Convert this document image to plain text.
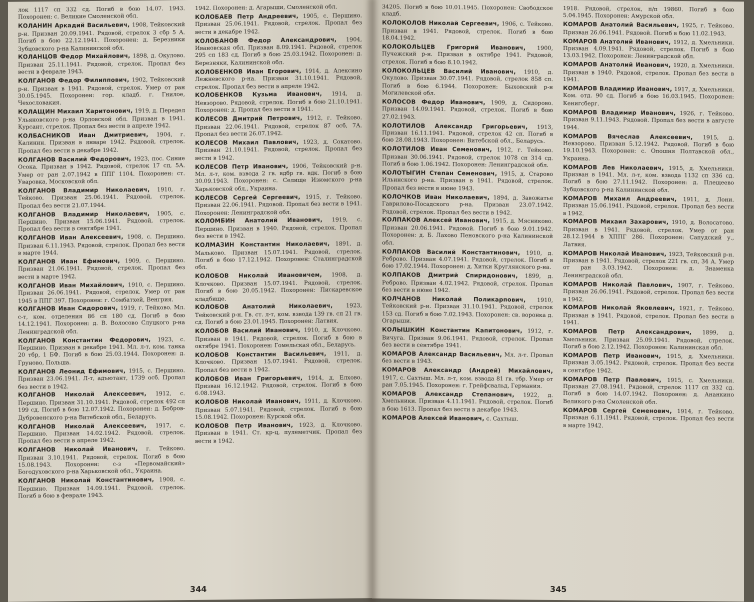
лок 1117 сп 332 сд. Погиб в бою 14.07. 1943. Похоронен: с. Великие Смоленской обл.

КОЛАНИН Аркадий Васильевич, 1908, Тейковский р-н. Призван 20.09.1941. Рядовой, стрелок 3 сбр 5 А. Погиб в бою 22.12.1941. Похоронен: д. Березники Зубцовского р-на Калининской обл.

КОЛАНЦОВ Федор Михайлович, 1898, д. Окулово. Призван 25.11.1941. Рядовой, стрелок. Пропал без вести в феврале 1943.

КОЛГАНОВ Федор Филиппович, 1902, Тейковский р-н. Призван в 1941. Рядовой, стрелок. Умер от ран 30.05.1945. Похоронен: гор. кладб. г. Гнилое, Чехословакия.

КОЛАЩИН Михаил Харитонович, 1919, д. Передел Ульяновского р-на Орловской обл. Призван в 1941. Курсант, стрелок. Пропал без вести в апреле 1942.

КОЛБАСНИКОВ Иван Дмитриевич, 1904, г. Калинин. Призван в январе 1942. Рядовой, стрелок. Пропал без вести в декабре 1942.

КОЛГАНОВ Василий Федорович, 1923, пос. Синие Осока. Призван в 1942. Рядовой, стрелок 17 сп, 5А. Умер от ран 2.07.1942 в ППГ 1104. Похоронен: ст. Уваровка, Московской обл.

КОЛГАНОВ Владимир Николаевич, 1910, г. Тейково. Призван 25.06.1941. Рядовой, стрелок. Пропал без вести 21.07.1944.

КОЛГАНОВ Владимир Николаевич, 1905, с. Першино. Призван 15.06.1941. Рядовой, стрелок. Пропал без вести в сентябре 1941.

КОЛГАНОВ Иван Алексеевич, 1908, с. Першино. Призван 6.11.1943. Рядовой, стрелок. Пропал без вести в марте 1944.

КОЛГАНОВ Иван Ефимович, 1909, с. Першино. Призван 21.06.1941. Рядовой, стрелок. Пропал без вести в марте 1942.

КОЛГАНОВ Иван Михайлович, 1910, с. Першино. Призван 26.06.1941. Рядовой, стрелок. Умер от ран 1945 в ППГ 397. Похоронен: г. Сомбатхей, Венгрия.

КОЛГАНОВ Иван Сидорович, 1919, г. Тейково. Мл. с-т, ком. отделения 86 сп 180 сд. Погиб в бою 14.12.1941. Похоронен: д. В. Волосово Слуцкого р-на Ленинградской обл.

КОЛГАНОВ Константин Федорович, 1923, с. Першино. Призван в декабре 1941. Мл. л-т, ком. танка 20 тбр, 1 БФ. Погиб в бою 25.03.1944. Похоронен: д. Груново, Польша.

КОЛГАНОВ Леонид Ефимович, 1915, с. Першино. Призван 23.06.1941. Л-т, адъютант, 1739 осб. Пропал без вести в 1942.

КОЛГАНОВ Николай Алексеевич, 1912, с. Першино. Призван 31.10.1941. Рядовой, стрелок 492 сп 199 сд. Погиб в бою 12.07.1942. Похоронен: д. Бобров-Дубровенского р-на Витебской обл., Беларусь.

КОЛГАНОВ Николай Алексеевич, 1917, с. Першино. Призван 14.02.1942. Рядовой, стрелок. Пропал без вести в апреле 1942.

КОЛГАНОВ Николай Иванович, г. Тейково. Призван 3.10.1941. Рядовой, стрелок. Погиб в бою 15.08.1943. Похоронен: с-з «Первомайский» Богодуховского р-на Харьковской обл., Украина.

КОЛГАНОВ Николай Константинович, 1908, с. Першино. Призван 14.09.1941. Рядовой, стрелок. Погиб в бою в феврале 1943.

1942. Похоронен: д. Агарыши, Смоленской обл.

КОЛОБАЕВ Петр Андреевич, 1905, с. Першино. Призван 25.06.1941. Рядовой, стрелок. Пропал без вести в декабре 1942.

КОЛОБАНОВ Федор Александрович, 1904, Ивановская обл. Призван 8.09.1941. Рядовой, стрелок 295 сп 183 сд. Погиб в бою 25.03.1942. Похоронен: д. Березняки, Калининской обл.

КОЛОБЕНКОВ Иван Егорович, 1914, д. Алексино Лежневского р-на. Призван 31.10.1941. Рядовой, стрелок. Пропал без вести в апреле 1942.

КОЛОБЕНКОВ Кузьма Иванович, 1914, д. Невзорово. Рядовой, стрелок. Погиб в бою 21.10.1941. Похоронен: д. Пропал без вести в 1941.

КОЛЕСОВ Дмитрий Петрович, 1912, г. Тейково. Призван 22.06.1941. Рядовой, стрелок 87 осб, 7А. Пропал без вести 26.07.1942.

КОЛЕСОВ Михаил Павлович, 1923, д. Сокатово. Призван 21.10.1941. Рядовой, стрелок. Пропал без вести в 1942.

КОЛЕСОВ Петр Иванович, 1906, Тейковский р-н. Мл. л-т, ком. взвода 2 гв. вдбр гв. вдк. Погиб в бою 30.09.1943. Похоронен: с. Селище Изюмского р-на Харьковской обл., Украина.

КОЛЕСОВ Сергей Сергеевич, 1915, г. Тейково. Призван 22.06.1941. Рядовой. Пропал без вести в 1941. Похоронен: Ленинградской обл.

КОЛОМБИН Анатолий Иванович, 1919, с. Першино. Призван в 1940. Рядовой, стрелок. Пропал без вести в 1942.

КОЛМАЗИН Константин Николаевич, 1891, д. Мальково. Призван 15.07.1941. Рядовой, стрелок. Погиб в бою 17.12.1942. Похоронен: Сталинградской обл.

КОЛОБОВ Николай Ивановичем, 1908, д. Клочково. Призван 15.07.1941. Рядовой, стрелок. Погиб в бою 20.05.1942. Похоронен: Пискаревское кладбище.

КОЛОБОВ Анатолий Николаевич, 1923, Тейковский р-н. Гв. ст. л-т, ком. взвода 139 гв. сп 21 гв. сд. Погиб в бою 23.01.1945. Похоронен: Латвия.

КОЛОБОВ Василий Иванович, 1910, д. Клочково. Призван в 1941. Рядовой, стрелок. Погиб в бою в октябре 1941. Похоронен: Гомельская обл., Беларусь.

КОЛОБОВ Константин Васильевич, 1911, д. Клочково. Призван 15.07.1941. Рядовой, стрелок. Пропал без вести в 1942.

КОЛОБОВ Иван Григорьевич, 1914, д. Елхово. Призван 16.12.1942. Рядовой, стрелок. Погиб в бою 6.08.1943.

КОЛОБОВ Николай Иванович, 1911, д. Клочково. Призван 5.07.1941. Рядовой, стрелок. Погиб в бою 15.08.1942. Похоронен: Курской обл.

КОЛОБОВ Петр Иванович, 1923, д. Клочково. Призван в 1941. Ст. кр-ц, пулеметчик. Пропал без вести в 1942.

344

34205. Погиб в бою 10.01.1945. Похоронен: Свободское кладб.

КОЛОКОЛОВ Николай Сергеевич, 1906, с. Тейково. Призван в 1941. Рядовой, стрелок. Погиб в бою 18.04.1942.

КОЛОКОЛЬЦЕВ Григорий Иванович, 1900, Пучежский р-н. Призван в октябре 1941. Рядовой, стрелок. Погиб в бою 8.10.1942.

КОЛОКОЛЬЦЕВ Василий Иванович, 1910, д. Окулово. Призван 30.07.1941. Рядовой, стрелок 858 сп. Погиб в бою 6.1944. Похоронен: Быховский р-н Могилевской обл.

КОЛОСОВ Федор Иванович, 1909, д. Сидорово. Призван 14.09.1941. Рядовой, стрелок. Погиб в бою 27.02.1943.

КОЛОТИЛОВ Александр Григорьевич, 1913, Призван 16.11.1941. Рядовой, стрелок 42 сп. Погиб в бою 28.08.1943. Похоронен: Витебской обл., Беларусь.

КОЛОТИЛОВ Иван Семенович, 1912, г. Тейково. Призван 30.06.1941. Рядовой, стрелок 1078 сп 314 сд. Погиб в бою 1.06.1942. Похоронен: Ленинградской обл.

КОЛОТЫГИН Степан Семенович, 1915, д. Старово Ильинского р-на. Призван в 1941. Рядовой, стрелок. Пропал без вести в июне 1943.

КОЛОЧКОВ Иван Николаевич, 1894, д. Завожатье Гаврилово-Посадского р-на. Призван 23.07.1942. Рядовой, стрелок. Пропал без вести в 1942.

КОЛПАКОВ Алексей Иванович, 1915, д. Мясниково. Призван 20.06.1941. Рядовой. Погиб в бою 9.01.1942. Похоронен: д. Б. Лахово Пеновского р-на Калининской обл.

КОЛПАКОВ Василий Константинович, 1910, д. Реброво. Призван 4.07.1941. Рядовой, стрелок. Погиб в бою 17.02.1944. Похоронен: д. Хитки Круглянского р-на.

КОЛПАКОВ Дмитрий Спиридонович, 1899, д. Реброво. Призван 4.02.1942. Рядовой, стрелок. Пропал без вести в июне 1942.

КОЛЧАНОВ Николай Поликарпович, 1910, Тейковский р-н. Призван 31.10.1941. Рядовой, стрелок 153 сд. Погиб в бою 7.02.1943. Похоронен: св. воронка д. Огарыши.

КОЛЫШКИН Константин Капитонович, 1912, г. Вичуга. Призван 9.06.1941. Рядовой, стрелок. Пропал без вести в сентябре 1941.

КОМАРОВ Александр Васильевич, Мл. л-т. Пропал без вести в 1943.

КОМАРОВ Александр (Андрей) Михайлович, 1917, с. Сахтыш. Мл. л-т, ком. взвода 81 гв. тбр. Умер от ран 7.05.1945. Похоронен: г. Грейфсвальд, Германия.

КОМАРОВ Александр Степанович, 1922, д. Хмельники. Призван 4.11.1941. Рядовой, стрелок. Погиб в бою 1613. Пропал без вести в декабре 1943.

КОМАРОВ Алексей Иванович, с. Сахтыш.

1918. Рядовой, стрелок, п/п 19860. Погиб в бою 5.04.1945. Похоронен: Амурской обл.

КОМАРОВ Анатолий Васильевич, 1925, г. Тейково. Призван 26.06.1941. Рядовой. Погиб в бою 11.02.1943.

КОМАРОВ Анатолий Иванович, 1912, д. Хмельники. Призван 4.09.1941. Рядовой, стрелок. Погиб в бою 13.03.1942. Похоронен: Ленинградской обл.

КОМАРОВ Анатолий Иванович, 1920, д. Хмельники. Призван в 1940. Рядовой, стрелок. Пропал без вести в 1941.

КОМАРОВ Владимир Иванович, 1917, д. Хмельники. Ком. отд. 90 сд. Погиб в бою 16.03.1945. Похоронен: Кенигсберг.

КОМАРОВ Владимир Иванович, 1926, г. Тейково. Призван 9.11.1943. Рядовой. Пропал без вести в августе 1944.

КОМАРОВ Вячеслав Алексеевич, 1915, д. Невзорово. Призван 5.12.1942. Рядовой. Погиб в бою 19.10.1943. Похоронен: с. Опошня Полтавской обл., Украина.

КОМАРОВ Лев Николаевич, 1915, д. Хмельники. Призван в 1941. Мл. л-т, ком. взвода 1132 сп 336 сд. Погиб в бою 27.11.1942. Похоронен: д. Плещеево Зубцовского р-на Калининской обл.

КОМАРОВ Михаил Андреевич, 1911, д. Лони. Призван 15.06.1941. Рядовой, стрелок. Пропал без вести в 1942.

КОМАРОВ Михаил Захарович, 1910, д. Волосатово. Призван в 1941. Рядовой, стрелок. Умер от ран 28.12.1944 в ХППГ 286. Похоронен: Сапудский у., Латвия.

КОМАРОВ Николай Иванович, 1923, Тейковский р-н. Призван в 1941. Рядовой, стрелок 221 гв. сп, 34 А. Умер от ран 3.03.1942. Похоронен: д. Знаменка Ленинградской обл.

КОМАРОВ Николай Павлович, 1907, г. Тейково. Призван 26.06.1941. Рядовой, стрелок. Пропал без вести в 1942.

КОМАРОВ Николай Яковлевич, 1921, г. Тейково. Призван в 1941. Рядовой, стрелок. Пропал без вести в 1941.

КОМАРОВ Петр Александрович, 1899, д. Хмельники. Призван 25.09.1941. Рядовой, стрелок. Погиб в бою 2.12.1942. Похоронен: Калининская обл.

КОМАРОВ Петр Иванович, 1915, д. Хмельники. Призван 3.05.1942. Рядовой, стрелок. Пропал без вести в сентябре 1942.

КОМАРОВ Петр Павлович, 1915, с. Хмельники. Призван 27.08.1941. Рядовой, стрелок 1117 сп 332 сд. Погиб в бою 14.07.1942. Похоронен: д. Ананкино Великого р-на Смоленской обл.

КОМАРОВ Сергей Семенович, 1914, г. Тейково. Призван 6.11.1941. Рядовой, стрелок. Пропал без вести в марте 1942.

345
